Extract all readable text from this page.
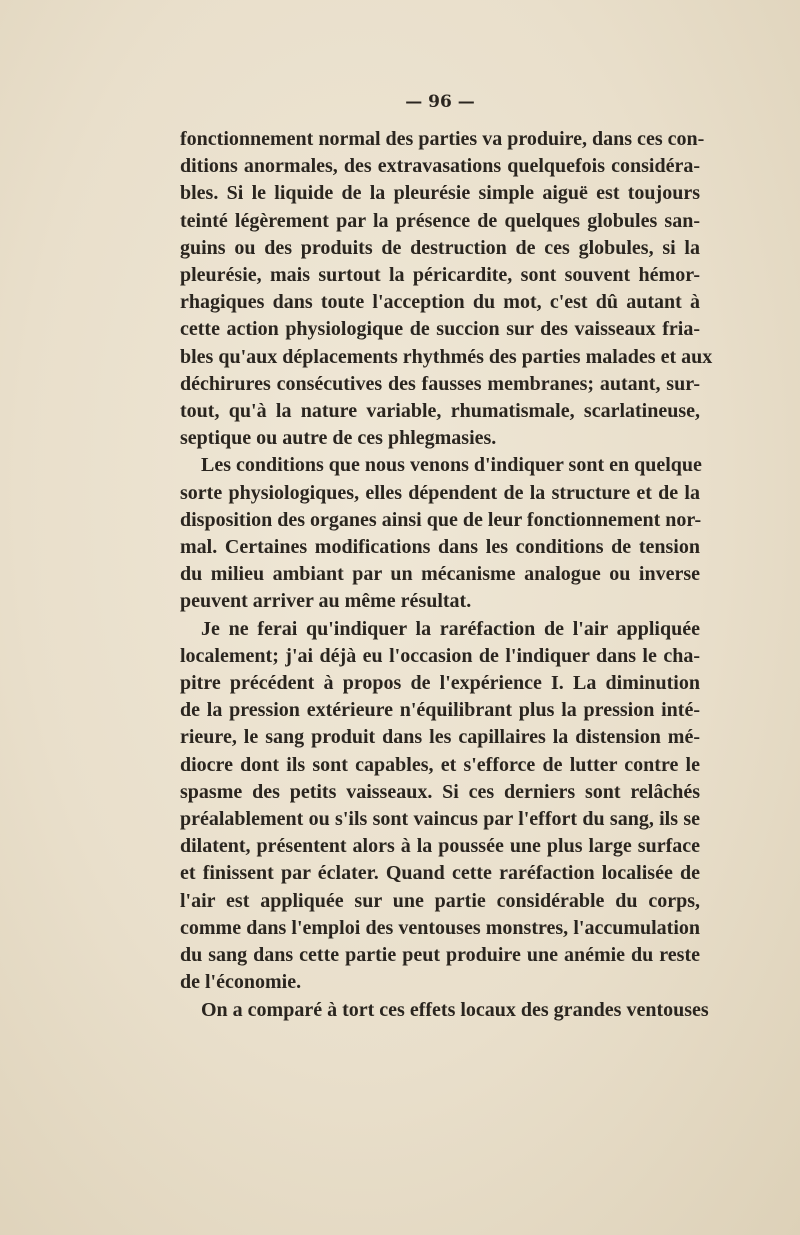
— 96 —
fonctionnement normal des parties va produire, dans ces con-
ditions anormales, des extravasations quelquefois considéra-
bles. Si le liquide de la pleurésie simple aiguë est toujours
teinté légèrement par la présence de quelques globules san-
guins ou des produits de destruction de ces globules, si la
pleurésie, mais surtout la péricardite, sont souvent hémor-
rhagiques dans toute l'acception du mot, c'est dû autant à
cette action physiologique de succion sur des vaisseaux fria-
bles qu'aux déplacements rhythmés des parties malades et aux
déchirures consécutives des fausses membranes; autant, sur-
tout, qu'à la nature variable, rhumatismale, scarlatineuse,
septique ou autre de ces phlegmasies.
Les conditions que nous venons d'indiquer sont en quelque
sorte physiologiques, elles dépendent de la structure et de la
disposition des organes ainsi que de leur fonctionnement nor-
mal. Certaines modifications dans les conditions de tension
du milieu ambiant par un mécanisme analogue ou inverse
peuvent arriver au même résultat.
Je ne ferai qu'indiquer la raréfaction de l'air appliquée
localement; j'ai déjà eu l'occasion de l'indiquer dans le cha-
pitre précédent à propos de l'expérience I. La diminution
de la pression extérieure n'équilibrant plus la pression inté-
rieure, le sang produit dans les capillaires la distension mé-
diocre dont ils sont capables, et s'efforce de lutter contre le
spasme des petits vaisseaux. Si ces derniers sont relâchés
préalablement ou s'ils sont vaincus par l'effort du sang, ils se
dilatent, présentent alors à la poussée une plus large surface
et finissent par éclater. Quand cette raréfaction localisée de
l'air est appliquée sur une partie considérable du corps,
comme dans l'emploi des ventouses monstres, l'accumulation
du sang dans cette partie peut produire une anémie du reste
de l'économie.
On a comparé à tort ces effets locaux des grandes ventouses
